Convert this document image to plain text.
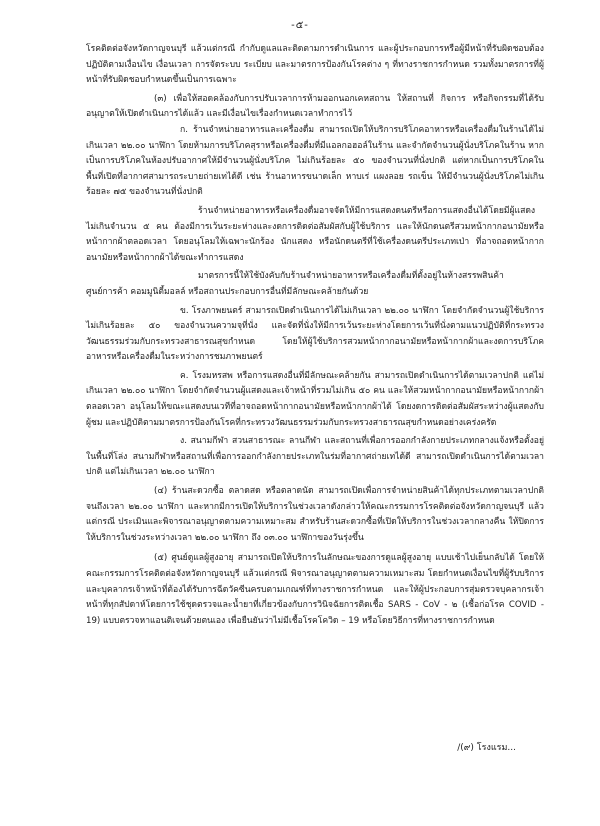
-๕-

โรคติดต่อจังหวัดกาญจนบุรี แล้วแต่กรณี กำกับดูแลและติดตามการดำเนินการ และผู้ประกอบการหรือผู้มีหน้าที่รับผิดชอบต้องปฏิบัติตามเงื่อนไข เงื่อนเวลา การจัดระบบ ระเบียบ และมาตรการป้องกันโรคต่าง ๆ ที่ทางราชการกำหนด รวมทั้งมาตรการที่ผู้หน้าที่รับผิดชอบกำหนดขึ้นเป็นการเฉพาะ

(๓) เพื่อให้สอดคล้องกับการปรับเวลาการห้ามออกนอกเคหสถาน ให้สถานที่ กิจการ หรือกิจกรรมที่ได้รับอนุญาตให้เปิดดำเนินการได้แล้ว และมีเงื่อนไขเรื่องกำหนดเวลาทำการไว้

ก. ร้านจำหน่ายอาหารและเครื่องดื่ม สามารถเปิดให้บริการบริโภคอาหารหรือเครื่องดื่มในร้านได้ไม่เกินเวลา ๒๒.๐๐ นาฬิกา โดยห้ามการบริโภคสุราหรือเครื่องดื่มที่มีแอลกอฮอล์ในร้าน และจำกัดจำนวนผู้นั่งบริโภคในร้าน หากเป็นการบริโภคในห้องปรับอากาศให้มีจำนวนผู้นั่งบริโภค ไม่เกินร้อยละ ๕๐ ของจำนวนที่นั่งปกติ แต่หากเป็นการบริโภคในพื้นที่เปิดที่อากาศสามารถระบายถ่ายเทได้ดี เช่น ร้านอาหารขนาดเล็ก หาบเร่ แผงลอย รถเข็น ให้มีจำนวนผู้นั่งบริโภคไม่เกินร้อยละ ๗๕ ของจำนวนที่นั่งปกติ

ร้านจำหน่ายอาหารหรือเครื่องดื่มอาจจัดให้มีการแสดงดนตรีหรือการแสดงอื่นได้โดยมีผู้แสดงไม่เกินจำนวน ๕ คน ต้องมีการเว้นระยะห่างและงดการติดต่อสัมผัสกับผู้ใช้บริการ และให้นักดนตรีสวมหน้ากากอนามัยหรือหน้ากากผ้าตลอดเวลา โดยอนุโลมให้เฉพาะนักร้อง นักแสดง หรือนักดนตรีที่ใช้เครื่องดนตรีประเภทเป่า ที่อาจถอดหน้ากากอนามัยหรือหน้ากากผ้าได้ขณะทำการแสดง

มาตรการนี้ให้ใช้บังคับกับร้านจำหน่ายอาหารหรือเครื่องดื่มที่ตั้งอยู่ในห้างสรรพสินค้า ศูนย์การค้า คอมมูนิตี้มอลล์ หรือสถานประกอบการอื่นที่มีลักษณะคล้ายกันด้วย

ข. โรงภาพยนตร์ สามารถเปิดดำเนินการได้ไม่เกินเวลา ๒๒.๐๐ นาฬิกา โดยจำกัดจำนวนผู้ใช้บริการไม่เกินร้อยละ ๕๐ ของจำนวนความจุที่นั่ง และจัดที่นั่งให้มีการเว้นระยะห่างโดยการเว้นที่นั่งตามแนวปฏิบัติที่กระทรวงวัฒนธรรมร่วมกับกระทรวงสาธารณสุขกำหนด โดยให้ผู้ใช้บริการสวมหน้ากากอนามัยหรือหน้ากากผ้าและงดการบริโภคอาหารหรือเครื่องดื่มในระหว่างการชมภาพยนตร์

ค. โรงมหรสพ หรือการแสดงอื่นที่มีลักษณะคล้ายกัน สามารถเปิดดำเนินการได้ตามเวลาปกติ แต่ไม่เกินเวลา ๒๒.๐๐ นาฬิกา โดยจำกัดจำนวนผู้แสดงและเจ้าหน้าที่รวมไม่เกิน ๕๐ คน และให้สวมหน้ากากอนามัยหรือหน้ากากผ้าตลอดเวลา อนุโลมให้ขณะแสดงบนเวทีที่อาจถอดหน้ากากอนามัยหรือหน้ากากผ้าได้ โดยงดการติดต่อสัมผัสระหว่างผู้แสดงกับผู้ชม และปฏิบัติตามมาตรการป้องกันโรคที่กระทรวงวัฒนธรรมร่วมกับกระทรวงสาธารณสุขกำหนดอย่างเคร่งครัด

ง. สนามกีฬา สวนสาธารณะ ลานกีฬา และสถานที่เพื่อการออกกำลังกายประเภทกลางแจ้งหรือตั้งอยู่ในพื้นที่โล่ง สนามกีฬาหรือสถานที่เพื่อการออกกำลังกายประเภทในร่มที่อากาศถ่ายเทได้ดี สามารถเปิดดำเนินการได้ตามเวลาปกติ แต่ไม่เกินเวลา ๒๒.๐๐ นาฬิกา

(๔) ร้านสะดวกซื้อ ตลาดสด หรือตลาดนัด สามารถเปิดเพื่อการจำหน่ายสินค้าได้ทุกประเภทตามเวลาปกติจนถึงเวลา ๒๒.๐๐ นาฬิกา และหากมีการเปิดให้บริการในช่วงเวลาดังกล่าวให้คณะกรรมการโรคติดต่อจังหวัดกาญจนบุรี แล้วแต่กรณี ประเมินและพิจารณาอนุญาตตามความเหมาะสม สำหรับร้านสะดวกซื้อที่เปิดให้บริการในช่วงเวลากลางคืน ให้ปิดการให้บริการในช่วงระหว่างเวลา ๒๒.๐๐ นาฬิกา ถึง ๐๓.๐๐ นาฬิกาของวันรุ่งขึ้น

(๕) ศูนย์ดูแลผู้สูงอายุ สามารถเปิดให้บริการในลักษณะของการดูแลผู้สูงอายุ แบบเช้าไปเย็นกลับได้ โดยให้คณะกรรมการโรคติดต่อจังหวัดกาญจนบุรี แล้วแต่กรณี พิจารณาอนุญาตตามความเหมาะสม โดยกำหนดเงื่อนไขที่ผู้รับบริการและบุคลากรเจ้าหน้าที่ต้องได้รับการฉีดวัคซีนครบตามเกณฑ์ที่ทางราชการกำหนด และให้ผู้ประกอบการสุ่มตรวจบุคลากรเจ้าหน้าที่ทุกสัปดาห์โดยการใช้ชุดตรวจและน้ำยาที่เกี่ยวข้องกับการวินิจฉัยการติดเชื้อ SARS - CoV - ๒ (เชื้อก่อโรค COVID - 19) แบบตรวจหาแอนติเจนด้วยตนเอง เพื่อยืนยันว่าไม่มีเชื้อโรคโควิด – 19 หรือโดยวิธีการที่ทางราชการกำหนด

/(๙) โรงแรม...
